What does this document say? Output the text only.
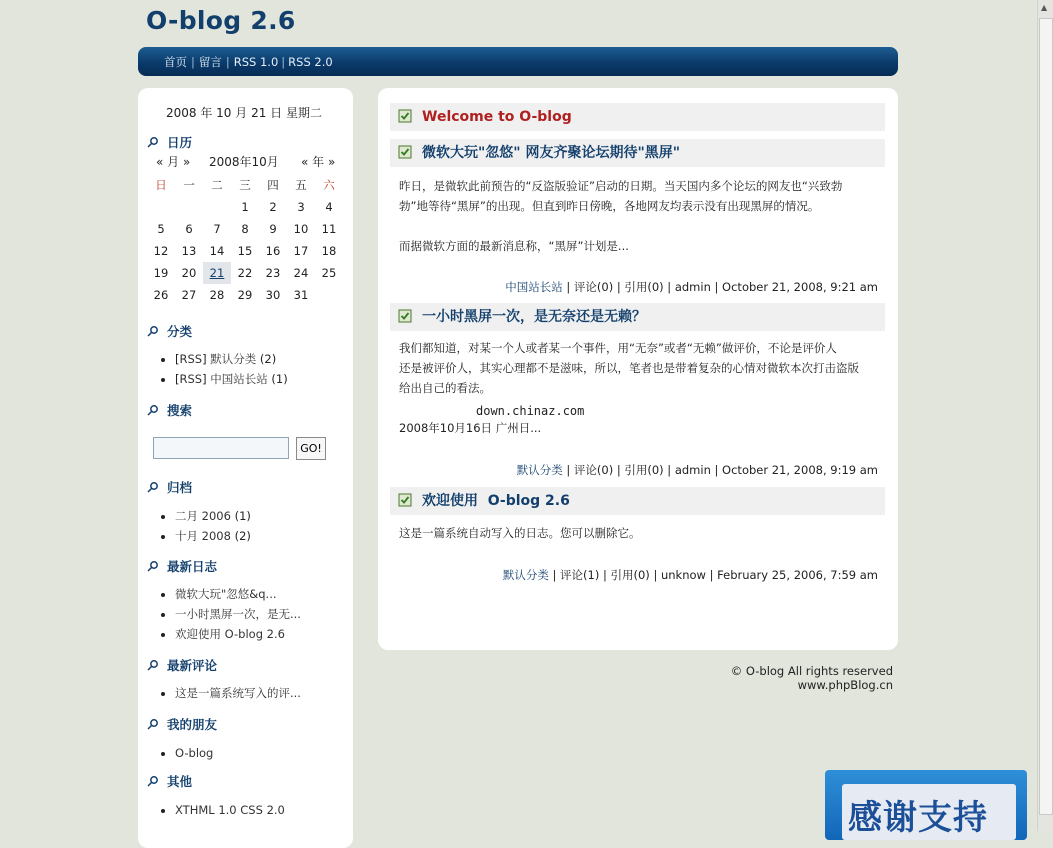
O-blog 2.6
首页 | 留言 | RSS 1.0 | RSS 2.0
2008 年 10 月 21 日 星期二
日历
« 月 » 2008年10月 « 年 »
日	一	二	三	四	五	六
			1	2	3	4
5	6	7	8	9	10	11
12	13	14	15	16	17	18
19	20	21	22	23	24	25
26	27	28	29	30	31	
分类
• [RSS] 默认分类 (2)
• [RSS] 中国站长站 (1)
搜索
GO!
归档
• 二月 2006 (1)
• 十月 2008 (2)
最新日志
• 微软大玩"忽悠&q...
• 一小时黑屏一次，是无...
• 欢迎使用 O-blog 2.6
最新评论
• 这是一篇系统写入的评...
我的朋友
• O-blog
其他
• XTHML 1.0 CSS 2.0
Welcome to O-blog
微软大玩"忽悠" 网友齐聚论坛期待"黑屏"
昨日，是微软此前预告的“反盗版验证”启动的日期。当天国内多个论坛的网友也“兴致勃
勃”地等待“黑屏”的出现。但直到昨日傍晚，各地网友均表示没有出现黑屏的情况。
而据微软方面的最新消息称，“黑屏”计划是...
中国站长站 | 评论(0) | 引用(0) | admin | October 21, 2008, 9:21 am
一小时黑屏一次，是无奈还是无赖？
我们都知道，对某一个人或者某一个事件，用“无奈”或者“无赖”做评价，不论是评价人
还是被评价人，其实心理都不是滋味，所以，笔者也是带着复杂的心情对微软本次打击盗版
给出自己的看法。
down.chinaz.com
2008年10月16日 广州日...
默认分类 | 评论(0) | 引用(0) | admin | October 21, 2008, 9:19 am
欢迎使用  O-blog 2.6
这是一篇系统自动写入的日志。您可以删除它。
默认分类 | 评论(1) | 引用(0) | unknow | February 25, 2006, 7:59 am
© O-blog All rights reserved
www.phpBlog.cn
感谢支持
▲
